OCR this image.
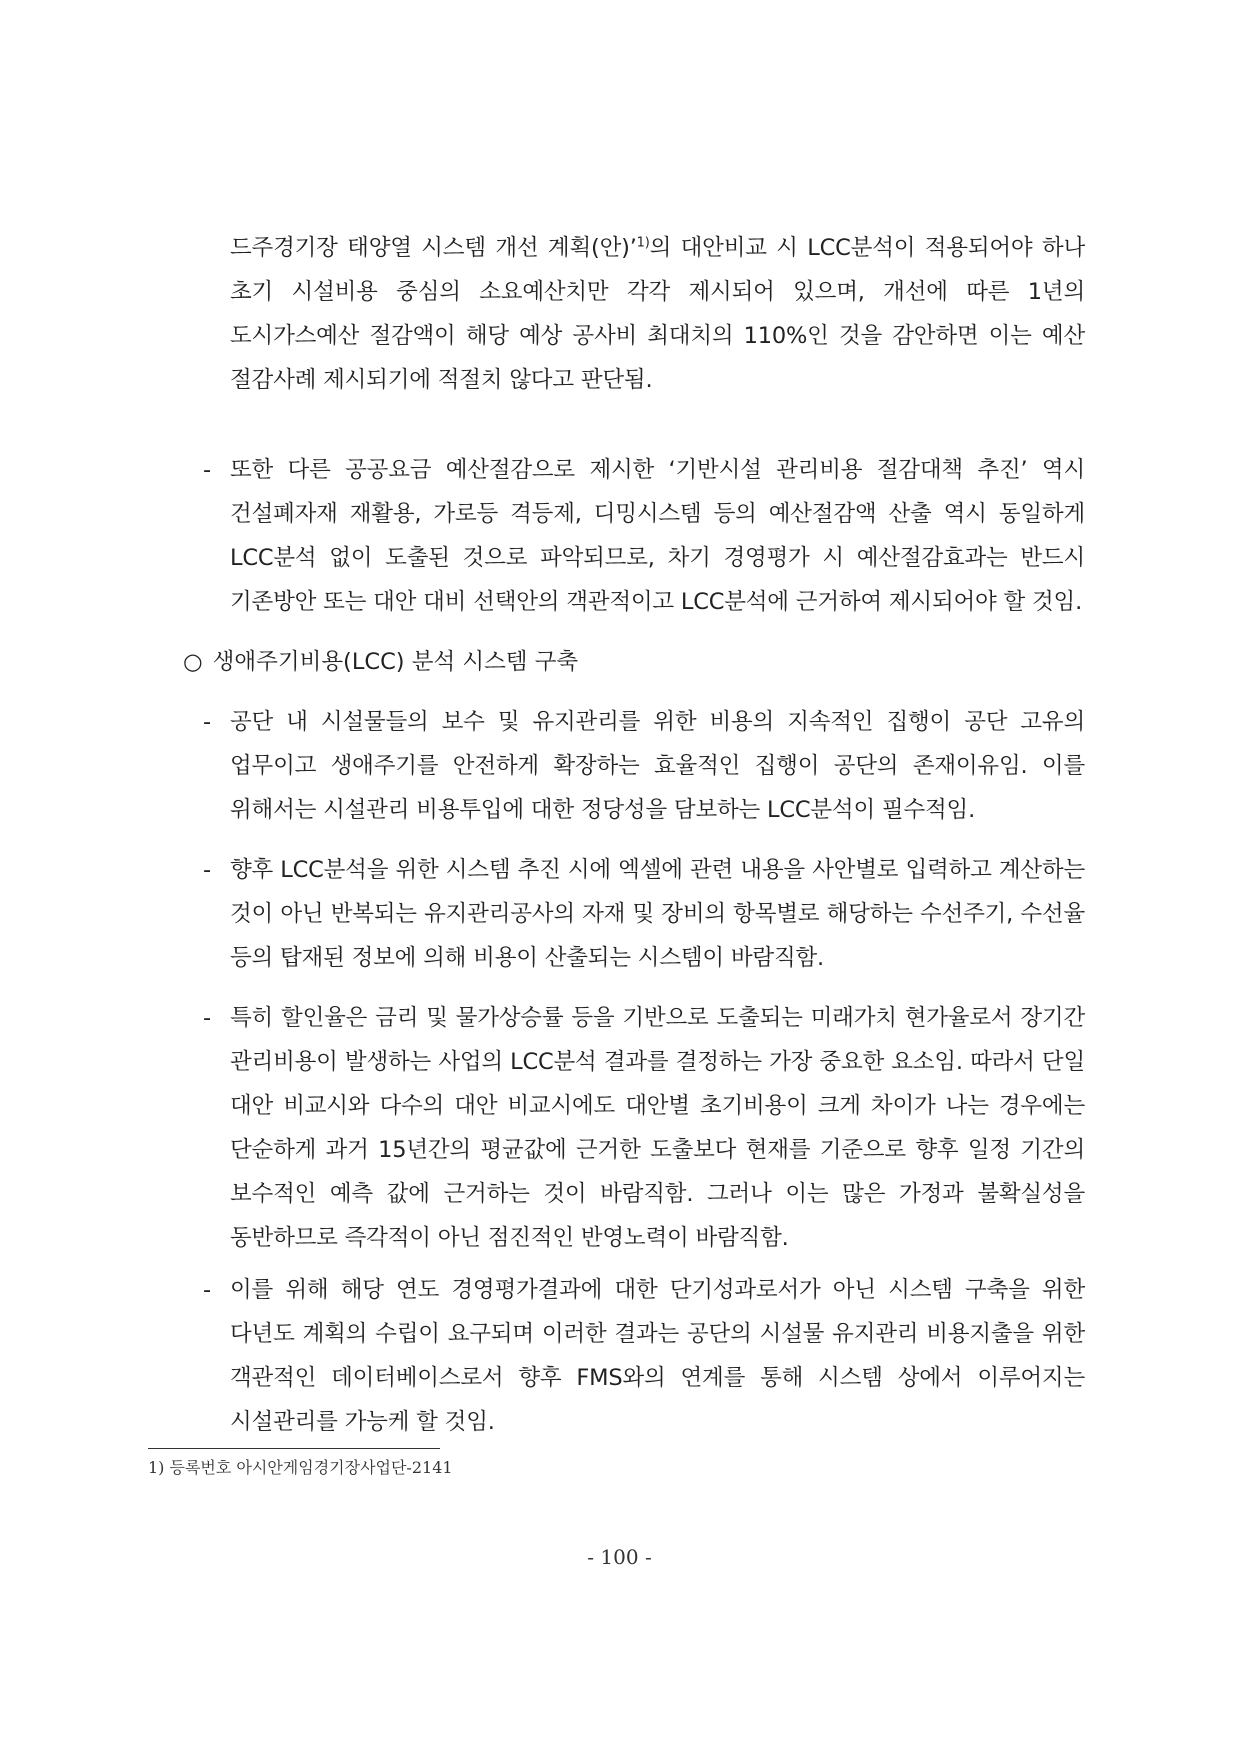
드주경기장 태양열 시스템 개선 계획(안)’$^{1)}$의 대안비교 시 LCC분석이 적용되어야 하나 초기 시설비용 중심의 소요예산치만 각각 제시되어 있으며, 개선에 따른 1년의 도시가스예산 절감액이 해당 예상 공사비 최대치의 110%인 것을 감안하면 이는 예산 절감사례 제시되기에 적절치 않다고 판단됨.
- 또한 다른 공공요금 예산절감으로 제시한 ‘기반시설 관리비용 절감대책 추진’ 역시 건설폐자재 재활용, 가로등 격등제, 디밍시스템 등의 예산절감액 산출 역시 동일하게 LCC분석 없이 도출된 것으로 파악되므로, 차기 경영평가 시 예산절감효과는 반드시 기존방안 또는 대안 대비 선택안의 객관적이고 LCC분석에 근거하여 제시되어야 할 것임.
○ 생애주기비용(LCC) 분석 시스템 구축
- 공단 내 시설물들의 보수 및 유지관리를 위한 비용의 지속적인 집행이 공단 고유의 업무이고 생애주기를 안전하게 확장하는 효율적인 집행이 공단의 존재이유임. 이를 위해서는 시설관리 비용투입에 대한 정당성을 담보하는 LCC분석이 필수적임.
- 향후 LCC분석을 위한 시스템 추진 시에 엑셀에 관련 내용을 사안별로 입력하고 계산하는 것이 아닌 반복되는 유지관리공사의 자재 및 장비의 항목별로 해당하는 수선주기, 수선율 등의 탑재된 정보에 의해 비용이 산출되는 시스템이 바람직함.
- 특히 할인율은 금리 및 물가상승률 등을 기반으로 도출되는 미래가치 현가율로서 장기간 관리비용이 발생하는 사업의 LCC분석 결과를 결정하는 가장 중요한 요소임. 따라서 단일 대안 비교시와 다수의 대안 비교시에도 대안별 초기비용이 크게 차이가 나는 경우에는 단순하게 과거 15년간의 평균값에 근거한 도출보다 현재를 기준으로 향후 일정 기간의 보수적인 예측 값에 근거하는 것이 바람직함. 그러나 이는 많은 가정과 불확실성을 동반하므로 즉각적이 아닌 점진적인 반영노력이 바람직함.
- 이를 위해 해당 연도 경영평가결과에 대한 단기성과로서가 아닌 시스템 구축을 위한 다년도 계획의 수립이 요구되며 이러한 결과는 공단의 시설물 유지관리 비용지출을 위한 객관적인 데이터베이스로서 향후 FMS와의 연계를 통해 시스템 상에서 이루어지는 시설관리를 가능케 할 것임.
1) 등록번호 아시안게임경기장사업단-2141
- 100 -
